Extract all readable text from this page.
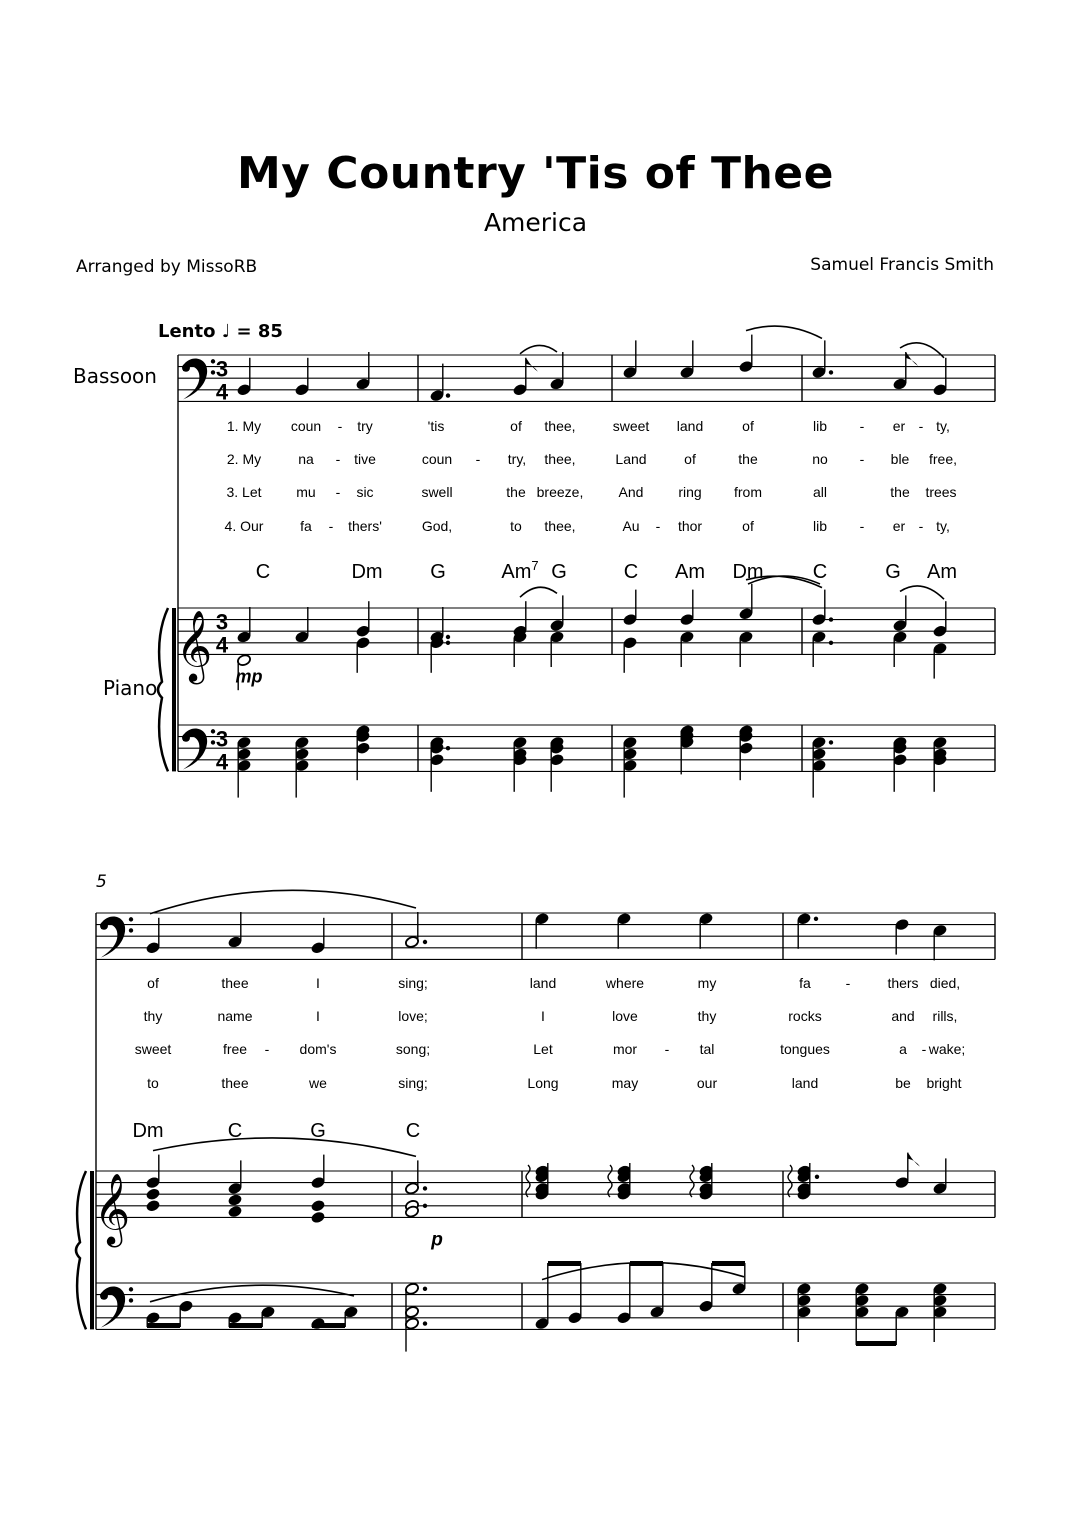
My Country 'Tis of Thee
America
Arranged by MissoRB	Samuel Francis Smith
Lento ♩ = 85
Bassoon
Piano
5
3
4
𝄞 3
4
3
4
mp
C	Dm G	Am$^7$ G	C Am Dm C	G Am
1. My coun - try	'tis	of thee,	sweet land	of	lib - er - ty,
2. My	na - tive	coun - try, thee,	Land	of	the	no - ble free,
3. Let mu - sic	swell	the breeze,	And ring from	all	the trees
4. Our	fa - thers'	God,	to thee,	Au - thor	of	lib - er - ty,
𝄞	p
Dm	C	G	C
of	thee	I	sing;	land	where	my	fa -	thers died,
thy	name	I	love;	I	love	thy	rocks	and rills,
sweet	free - dom's	song;	Let	mor - tal	tongues	a - wake;
to	thee	we	sing;	Long	may	our	land	be bright
